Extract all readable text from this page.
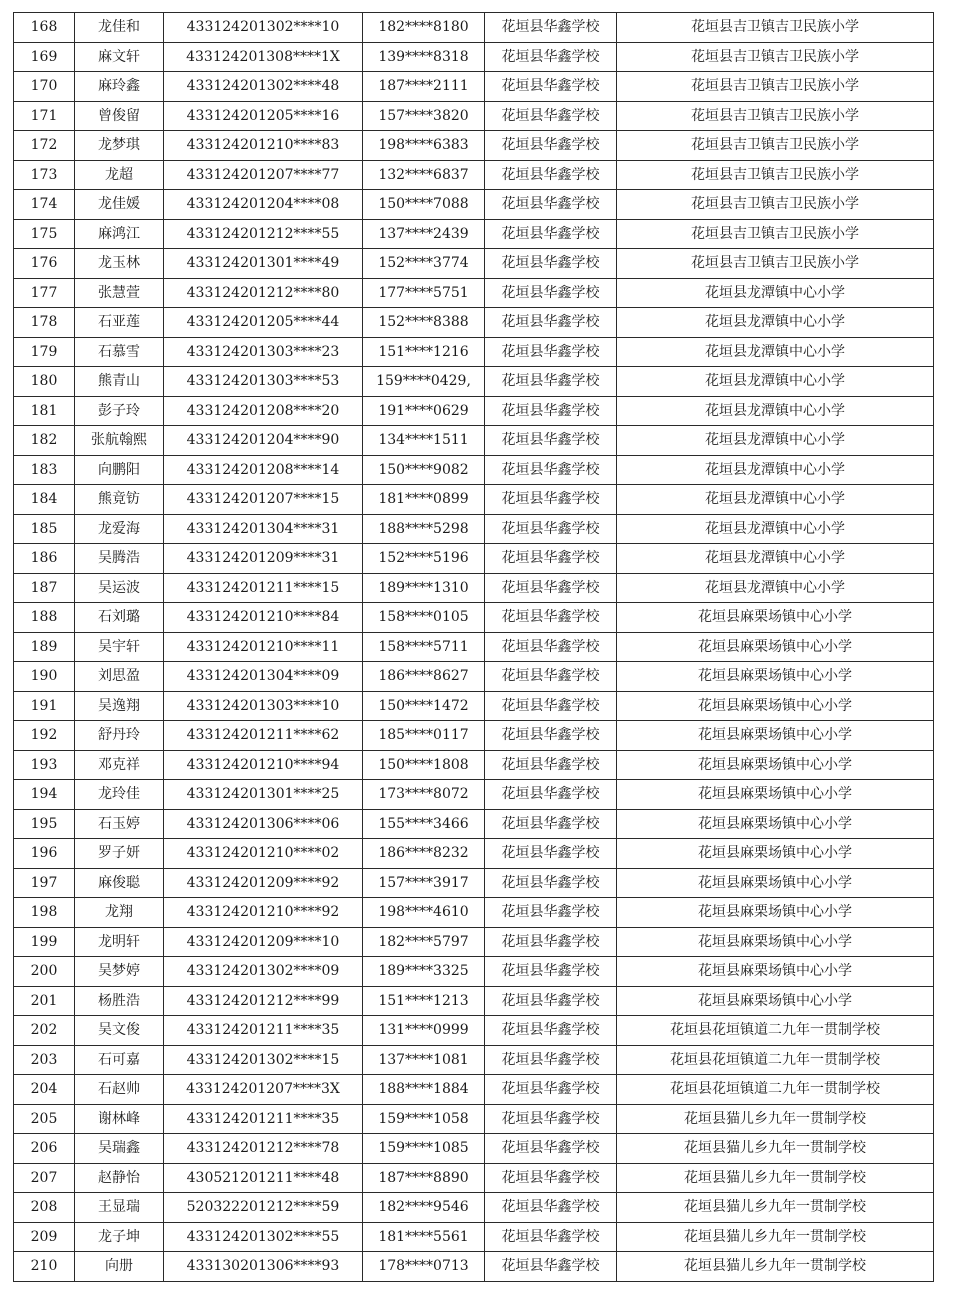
168	龙佳和	433124201302****10	182****8180	花垣县华鑫学校	花垣县吉卫镇吉卫民族小学
169	麻文轩	433124201308****1X	139****8318	花垣县华鑫学校	花垣县吉卫镇吉卫民族小学
170	麻玲鑫	433124201302****48	187****2111	花垣县华鑫学校	花垣县吉卫镇吉卫民族小学
171	曾俊留	433124201205****16	157****3820	花垣县华鑫学校	花垣县吉卫镇吉卫民族小学
172	龙梦琪	433124201210****83	198****6383	花垣县华鑫学校	花垣县吉卫镇吉卫民族小学
173	龙超	433124201207****77	132****6837	花垣县华鑫学校	花垣县吉卫镇吉卫民族小学
174	龙佳媛	433124201204****08	150****7088	花垣县华鑫学校	花垣县吉卫镇吉卫民族小学
175	麻鸿江	433124201212****55	137****2439	花垣县华鑫学校	花垣县吉卫镇吉卫民族小学
176	龙玉林	433124201301****49	152****3774	花垣县华鑫学校	花垣县吉卫镇吉卫民族小学
177	张慧萱	433124201212****80	177****5751	花垣县华鑫学校	花垣县龙潭镇中心小学
178	石亚莲	433124201205****44	152****8388	花垣县华鑫学校	花垣县龙潭镇中心小学
179	石慕雪	433124201303****23	151****1216	花垣县华鑫学校	花垣县龙潭镇中心小学
180	熊青山	433124201303****53	159****0429,	花垣县华鑫学校	花垣县龙潭镇中心小学
181	彭子玲	433124201208****20	191****0629	花垣县华鑫学校	花垣县龙潭镇中心小学
182	张航翰熙	433124201204****90	134****1511	花垣县华鑫学校	花垣县龙潭镇中心小学
183	向鹏阳	433124201208****14	150****9082	花垣县华鑫学校	花垣县龙潭镇中心小学
184	熊竟钫	433124201207****15	181****0899	花垣县华鑫学校	花垣县龙潭镇中心小学
185	龙爱海	433124201304****31	188****5298	花垣县华鑫学校	花垣县龙潭镇中心小学
186	吴腾浩	433124201209****31	152****5196	花垣县华鑫学校	花垣县龙潭镇中心小学
187	吴运波	433124201211****15	189****1310	花垣县华鑫学校	花垣县龙潭镇中心小学
188	石刘璐	433124201210****84	158****0105	花垣县华鑫学校	花垣县麻栗场镇中心小学
189	吴宇轩	433124201210****11	158****5711	花垣县华鑫学校	花垣县麻栗场镇中心小学
190	刘思盈	433124201304****09	186****8627	花垣县华鑫学校	花垣县麻栗场镇中心小学
191	吴逸翔	433124201303****10	150****1472	花垣县华鑫学校	花垣县麻栗场镇中心小学
192	舒丹玲	433124201211****62	185****0117	花垣县华鑫学校	花垣县麻栗场镇中心小学
193	邓克祥	433124201210****94	150****1808	花垣县华鑫学校	花垣县麻栗场镇中心小学
194	龙玲佳	433124201301****25	173****8072	花垣县华鑫学校	花垣县麻栗场镇中心小学
195	石玉婷	433124201306****06	155****3466	花垣县华鑫学校	花垣县麻栗场镇中心小学
196	罗子妍	433124201210****02	186****8232	花垣县华鑫学校	花垣县麻栗场镇中心小学
197	麻俊聪	433124201209****92	157****3917	花垣县华鑫学校	花垣县麻栗场镇中心小学
198	龙翔	433124201210****92	198****4610	花垣县华鑫学校	花垣县麻栗场镇中心小学
199	龙明轩	433124201209****10	182****5797	花垣县华鑫学校	花垣县麻栗场镇中心小学
200	吴梦婷	433124201302****09	189****3325	花垣县华鑫学校	花垣县麻栗场镇中心小学
201	杨胜浩	433124201212****99	151****1213	花垣县华鑫学校	花垣县麻栗场镇中心小学
202	吴文俊	433124201211****35	131****0999	花垣县华鑫学校	花垣县花垣镇道二九年一贯制学校
203	石可嘉	433124201302****15	137****1081	花垣县华鑫学校	花垣县花垣镇道二九年一贯制学校
204	石赵帅	433124201207****3X	188****1884	花垣县华鑫学校	花垣县花垣镇道二九年一贯制学校
205	谢林峰	433124201211****35	159****1058	花垣县华鑫学校	花垣县猫儿乡九年一贯制学校
206	吴瑞鑫	433124201212****78	159****1085	花垣县华鑫学校	花垣县猫儿乡九年一贯制学校
207	赵静怡	430521201211****48	187****8890	花垣县华鑫学校	花垣县猫儿乡九年一贯制学校
208	王显瑞	520322201212****59	182****9546	花垣县华鑫学校	花垣县猫儿乡九年一贯制学校
209	龙子坤	433124201302****55	181****5561	花垣县华鑫学校	花垣县猫儿乡九年一贯制学校
210	向册	433130201306****93	178****0713	花垣县华鑫学校	花垣县猫儿乡九年一贯制学校
